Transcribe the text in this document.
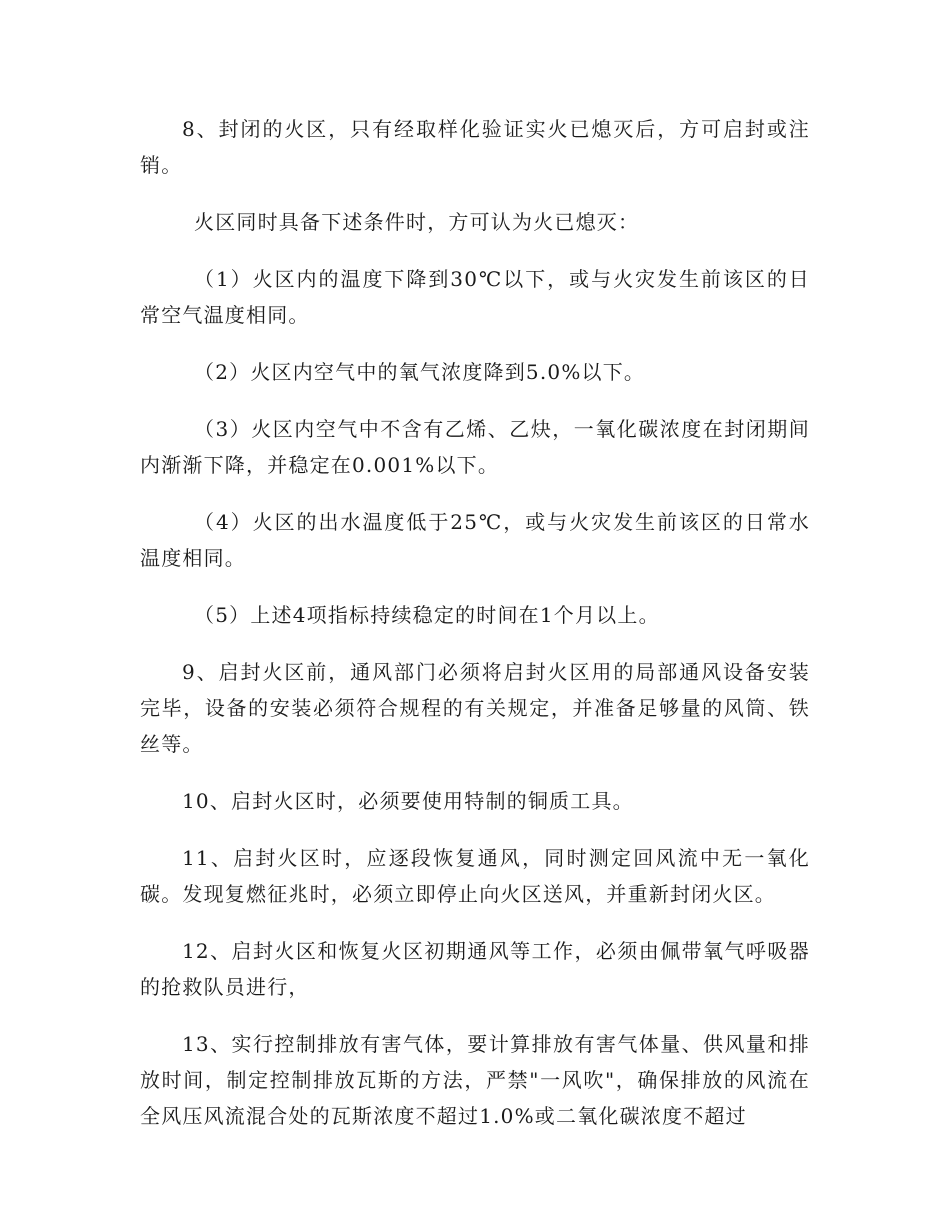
8、封闭的火区，只有经取样化验证实火已熄灭后，方可启封或注销。

火区同时具备下述条件时，方可认为火已熄灭：

（1）火区内的温度下降到30℃以下，或与火灾发生前该区的日常空气温度相同。

（2）火区内空气中的氧气浓度降到5.0%以下。

（3）火区内空气中不含有乙烯、乙炔，一氧化碳浓度在封闭期间内渐渐下降，并稳定在0.001%以下。

（4）火区的出水温度低于25℃，或与火灾发生前该区的日常水温度相同。

（5）上述4项指标持续稳定的时间在1个月以上。

9、启封火区前，通风部门必须将启封火区用的局部通风设备安装完毕，设备的安装必须符合规程的有关规定，并准备足够量的风筒、铁丝等。

10、启封火区时，必须要使用特制的铜质工具。

11、启封火区时，应逐段恢复通风，同时测定回风流中无一氧化碳。发现复燃征兆时，必须立即停止向火区送风，并重新封闭火区。

12、启封火区和恢复火区初期通风等工作，必须由佩带氧气呼吸器的抢救队员进行，

13、实行控制排放有害气体，要计算排放有害气体量、供风量和排放时间，制定控制排放瓦斯的方法，严禁"一风吹"，确保排放的风流在全风压风流混合处的瓦斯浓度不超过1.0%或二氧化碳浓度不超过
